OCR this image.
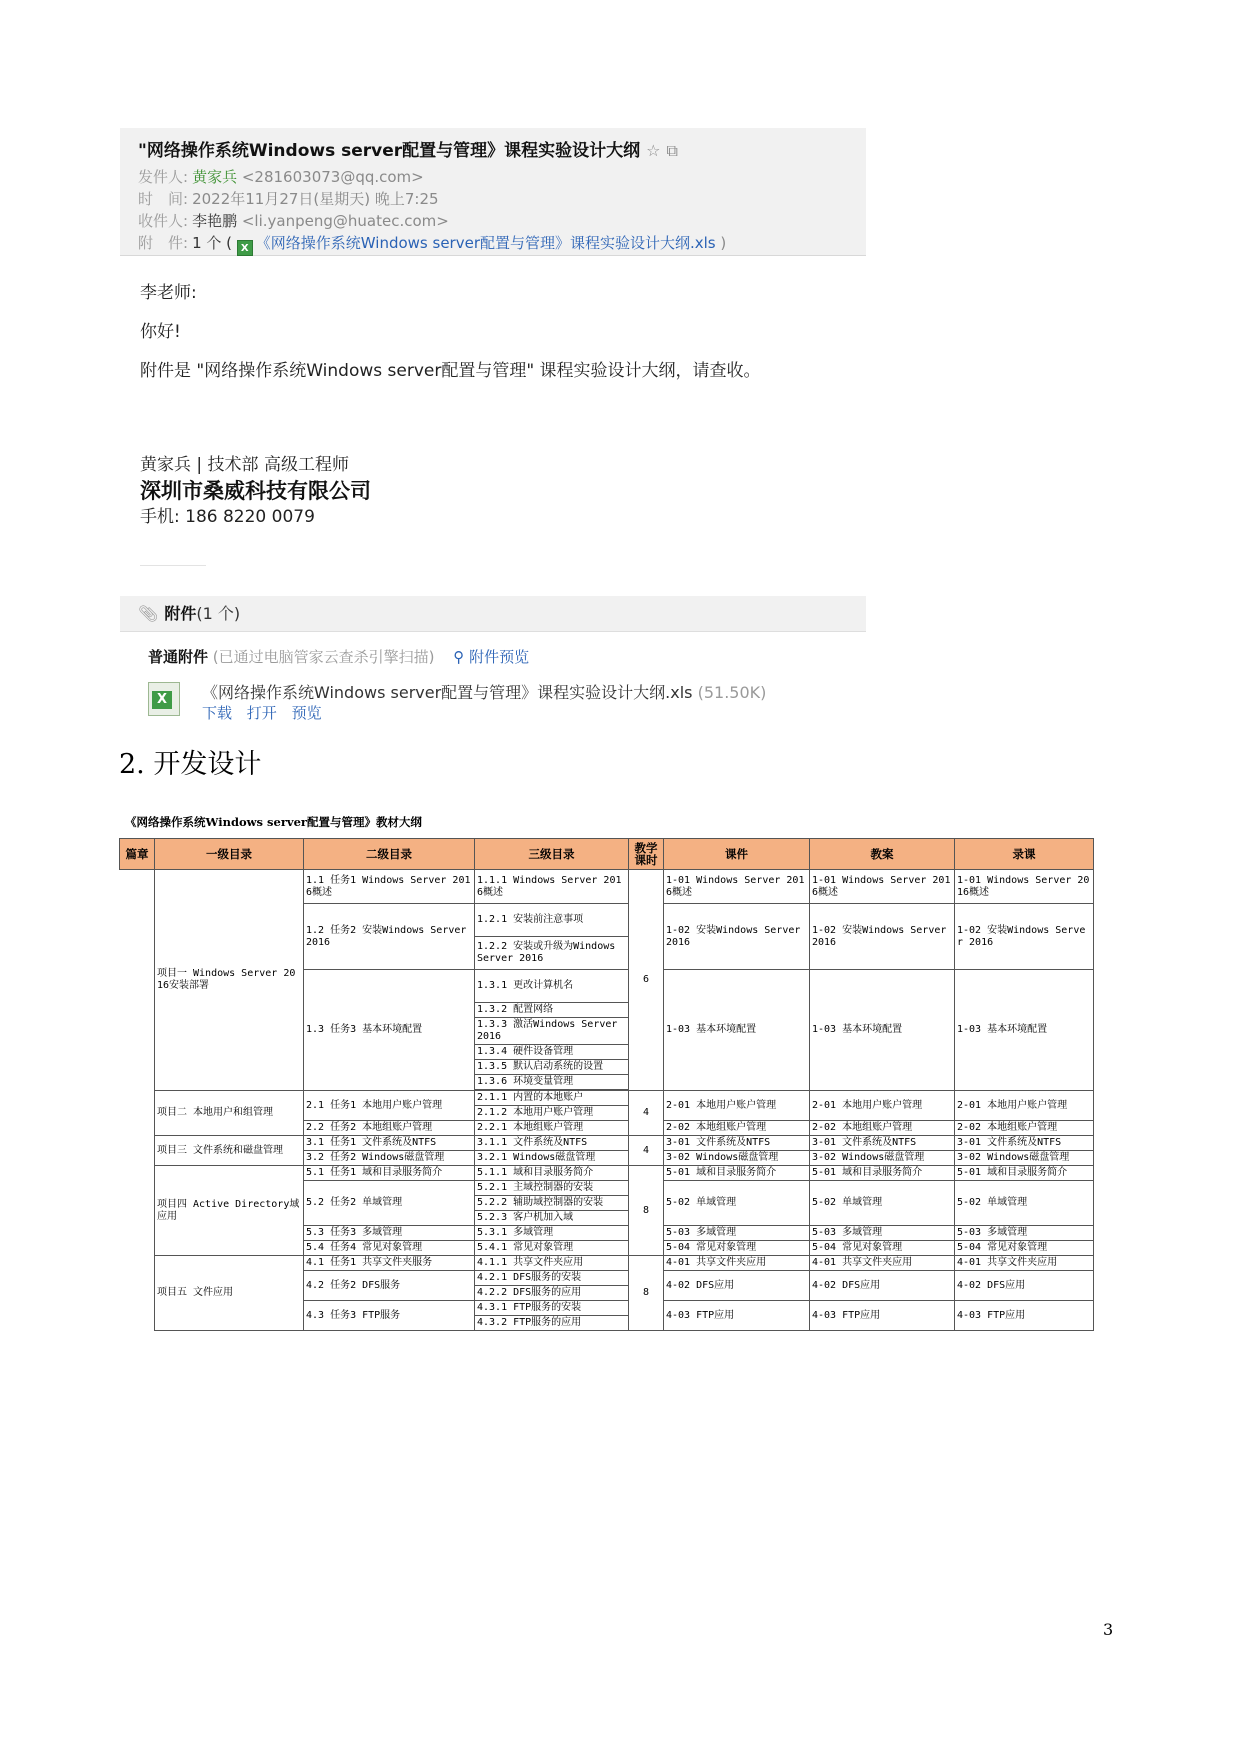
"网络操作系统Windows server配置与管理》课程实验设计大纲 ☆ ⧉
发件人: 黄家兵 <281603073@qq.com>
时　间: 2022年11月27日(星期天) 晚上7:25
收件人: 李艳鹏 <li.yanpeng@huatec.com>
附　件: 1 个 ( X 《网络操作系统Windows server配置与管理》课程实验设计大纲.xls )
李老师:
你好!
附件是 "网络操作系统Windows server配置与管理" 课程实验设计大纲，请查收。
黄家兵 | 技术部 高级工程师
深圳市桑威科技有限公司
手机: 186 8220 0079
📎︎ 附件(1 个)
普通附件 (已通过电脑管家云查杀引擎扫描) ⚲ 附件预览
X	《网络操作系统Windows server配置与管理》课程实验设计大纲.xls (51.50K)
下载 打开 预览
2. 开发设计
《网络操作系统Windows server配置与管理》教材大纲
篇章	一级目录	二级目录	三级目录	教学课时	课件	教案	录课
	项目一 Windows Server 2016安装部署	1.1 任务1 Windows Server 2016概述	1.1.1 Windows Server 2016概述	6	1-01 Windows Server 2016概述	1-01 Windows Server 2016概述	1-01 Windows Server 2016概述
		1.2 任务2 安装Windows Server 2016	1.2.1 安装前注意事项		1-02 安装Windows Server 2016	1-02 安装Windows Server 2016	1-02 安装Windows Server 2016
			1.2.2 安装或升级为Windows Server 2016				
		1.3 任务3 基本环境配置	1.3.1 更改计算机名		1-03 基本环境配置	1-03 基本环境配置	1-03 基本环境配置
			1.3.2 配置网络				
			1.3.3 激活Windows Server 2016				
			1.3.4 硬件设备管理				
			1.3.5 默认启动系统的设置				
			1.3.6 环境变量管理				

	项目二 本地用户和组管理	2.1 任务1 本地用户账户管理	2.1.1 内置的本地账户	4	2-01 本地用户账户管理	2-01 本地用户账户管理	2-01 本地用户账户管理
			2.1.2 本地用户账户管理				
		2.2 任务2 本地组账户管理	2.2.1 本地组账户管理		2-02 本地组账户管理	2-02 本地组账户管理	2-02 本地组账户管理
	项目三 文件系统和磁盘管理	3.1 任务1 文件系统及NTFS	3.1.1 文件系统及NTFS	4	3-01 文件系统及NTFS	3-01 文件系统及NTFS	3-01 文件系统及NTFS
		3.2 任务2 Windows磁盘管理	3.2.1 Windows磁盘管理		3-02 Windows磁盘管理	3-02 Windows磁盘管理	3-02 Windows磁盘管理
	项目四 Active Directory域应用	5.1 任务1 域和目录服务简介	5.1.1 域和目录服务简介	8	5-01 域和目录服务简介	5-01 域和目录服务简介	5-01 域和目录服务简介
		5.2 任务2 单域管理	5.2.1 主域控制器的安装		5-02 单域管理	5-02 单域管理	5-02 单域管理
			5.2.2 辅助域控制器的安装				
			5.2.3 客户机加入域				
		5.3 任务3 多域管理	5.3.1 多域管理		5-03 多域管理	5-03 多域管理	5-03 多域管理
		5.4 任务4 常见对象管理	5.4.1 常见对象管理		5-04 常见对象管理	5-04 常见对象管理	5-04 常见对象管理
	项目五 文件应用	4.1 任务1 共享文件夹服务	4.1.1 共享文件夹应用	8	4-01 共享文件夹应用	4-01 共享文件夹应用	4-01 共享文件夹应用
		4.2 任务2 DFS服务	4.2.1 DFS服务的安装		4-02 DFS应用	4-02 DFS应用	4-02 DFS应用
			4.2.2 DFS服务的应用				
		4.3 任务3 FTP服务	4.3.1 FTP服务的安装		4-03 FTP应用	4-03 FTP应用	4-03 FTP应用
			4.3.2 FTP服务的应用				
3
